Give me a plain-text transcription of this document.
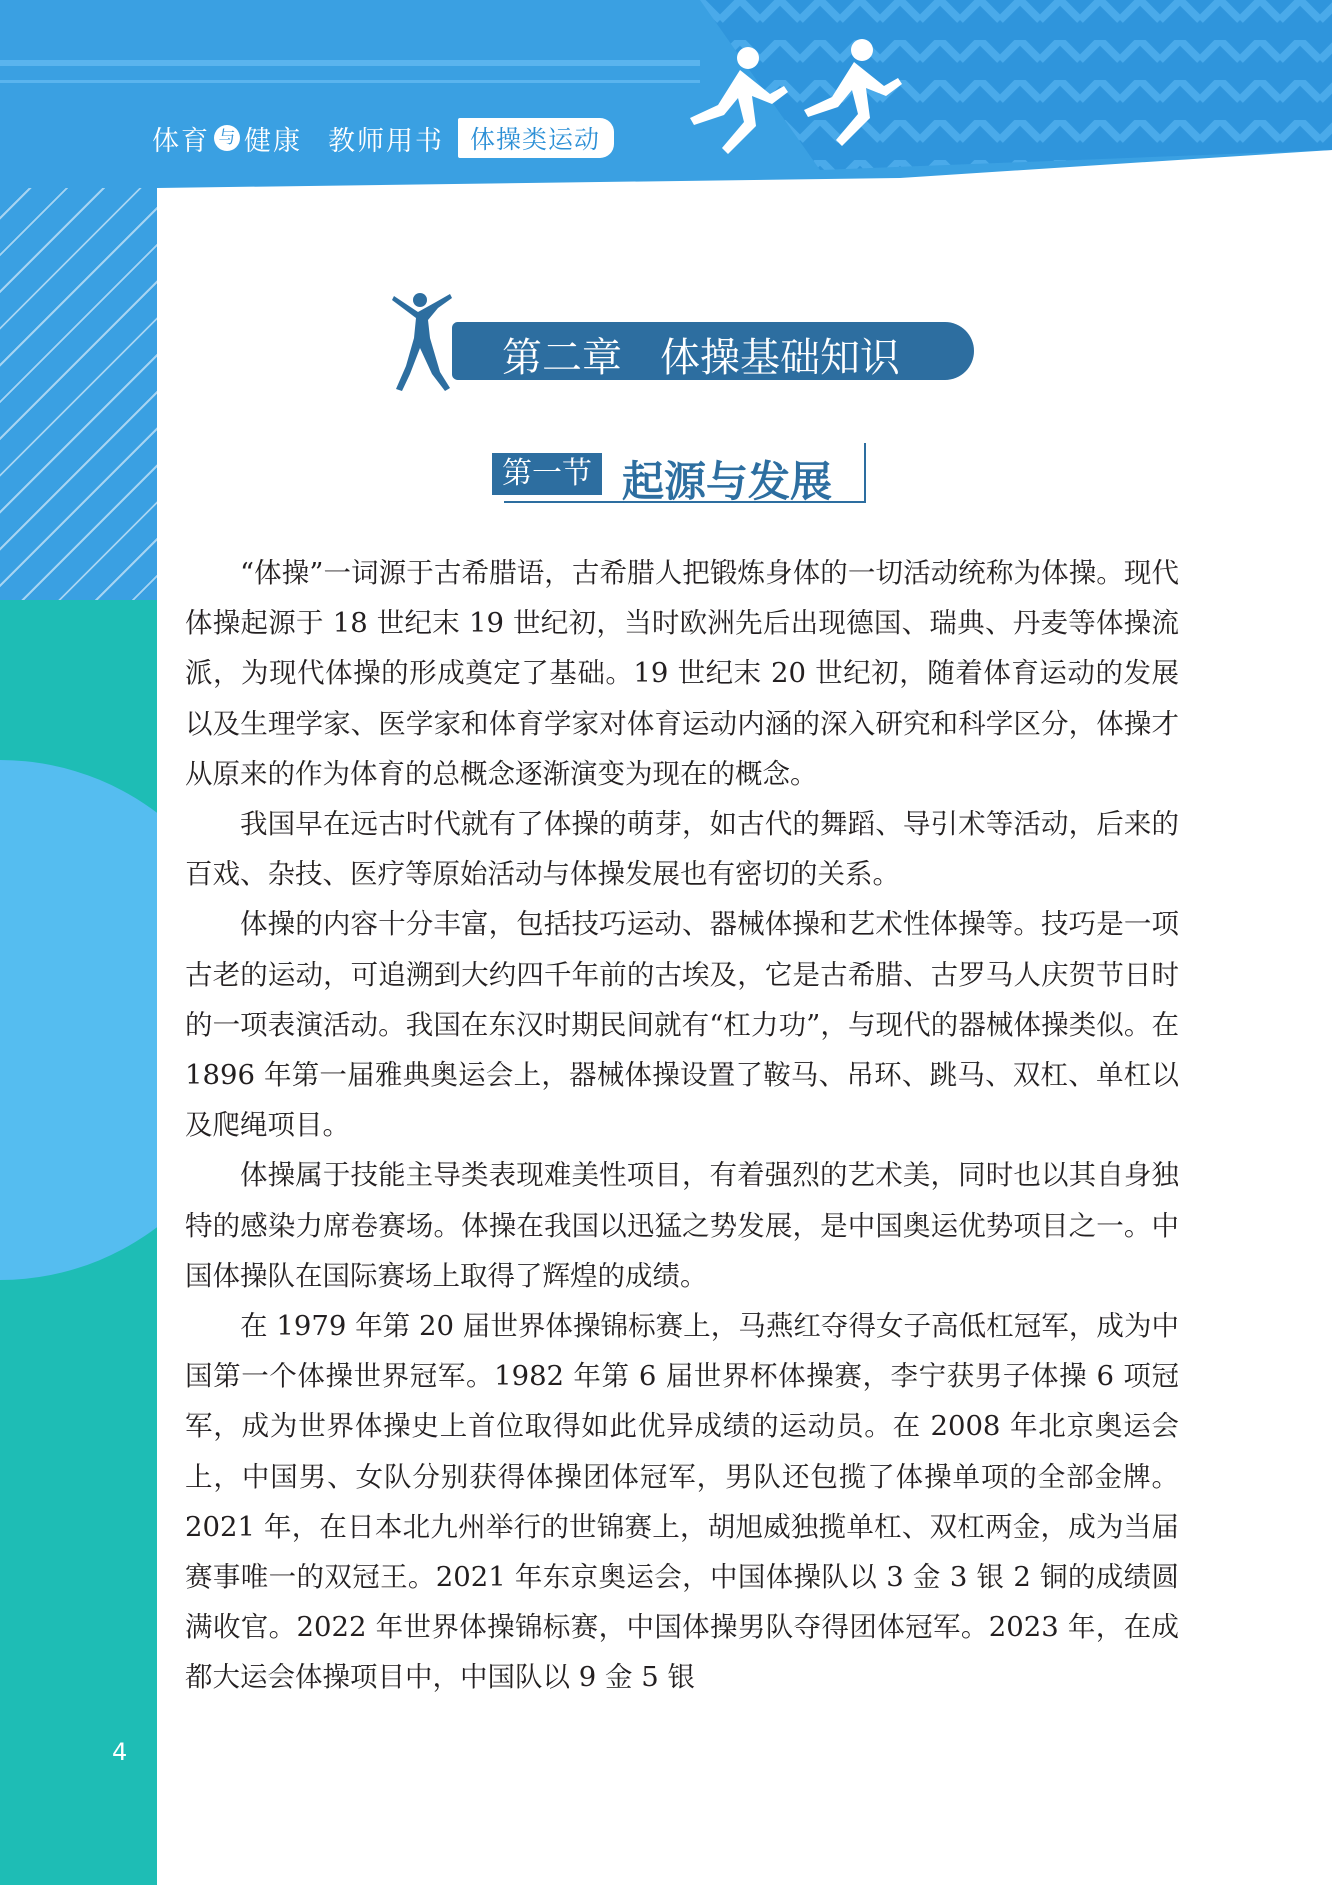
体育 与 健康 教师用书	体操类运动
第二章 体操基础知识
第一节 起源与发展

“体操”一词源于古希腊语，古希腊人把锻炼身体的一切活动统称为体操。现代体操起源于 18 世纪末 19 世纪初，当时欧洲先后出现德国、瑞典、丹麦等体操流派，为现代体操的形成奠定了基础。19 世纪末 20 世纪初，随着体育运动的发展以及生理学家、医学家和体育学家对体育运动内涵的深入研究和科学区分，体操才从原来的作为体育的总概念逐渐演变为现在的概念。

我国早在远古时代就有了体操的萌芽，如古代的舞蹈、导引术等活动，后来的百戏、杂技、医疗等原始活动与体操发展也有密切的关系。

体操的内容十分丰富，包括技巧运动、器械体操和艺术性体操等。技巧是一项古老的运动，可追溯到大约四千年前的古埃及，它是古希腊、古罗马人庆贺节日时的一项表演活动。我国在东汉时期民间就有“杠力功”，与现代的器械体操类似。在 1896 年第一届雅典奥运会上，器械体操设置了鞍马、吊环、跳马、双杠、单杠以及爬绳项目。

体操属于技能主导类表现难美性项目，有着强烈的艺术美，同时也以其自身独特的感染力席卷赛场。体操在我国以迅猛之势发展，是中国奥运优势项目之一。中国体操队在国际赛场上取得了辉煌的成绩。

在 1979 年第 20 届世界体操锦标赛上，马燕红夺得女子高低杠冠军，成为中国第一个体操世界冠军。1982 年第 6 届世界杯体操赛，李宁获男子体操 6 项冠军，成为世界体操史上首位取得如此优异成绩的运动员。在 2008 年北京奥运会上，中国男、女队分别获得体操团体冠军，男队还包揽了体操单项的全部金牌。2021 年，在日本北九州举行的世锦赛上，胡旭威独揽单杠、双杠两金，成为当届赛事唯一的双冠王。2021 年东京奥运会，中国体操队以 3 金 3 银 2 铜的成绩圆满收官。2022 年世界体操锦标赛，中国体操男队夺得团体冠军。2023 年，在成都大运会体操项目中，中国队以 9 金 5 银

4
